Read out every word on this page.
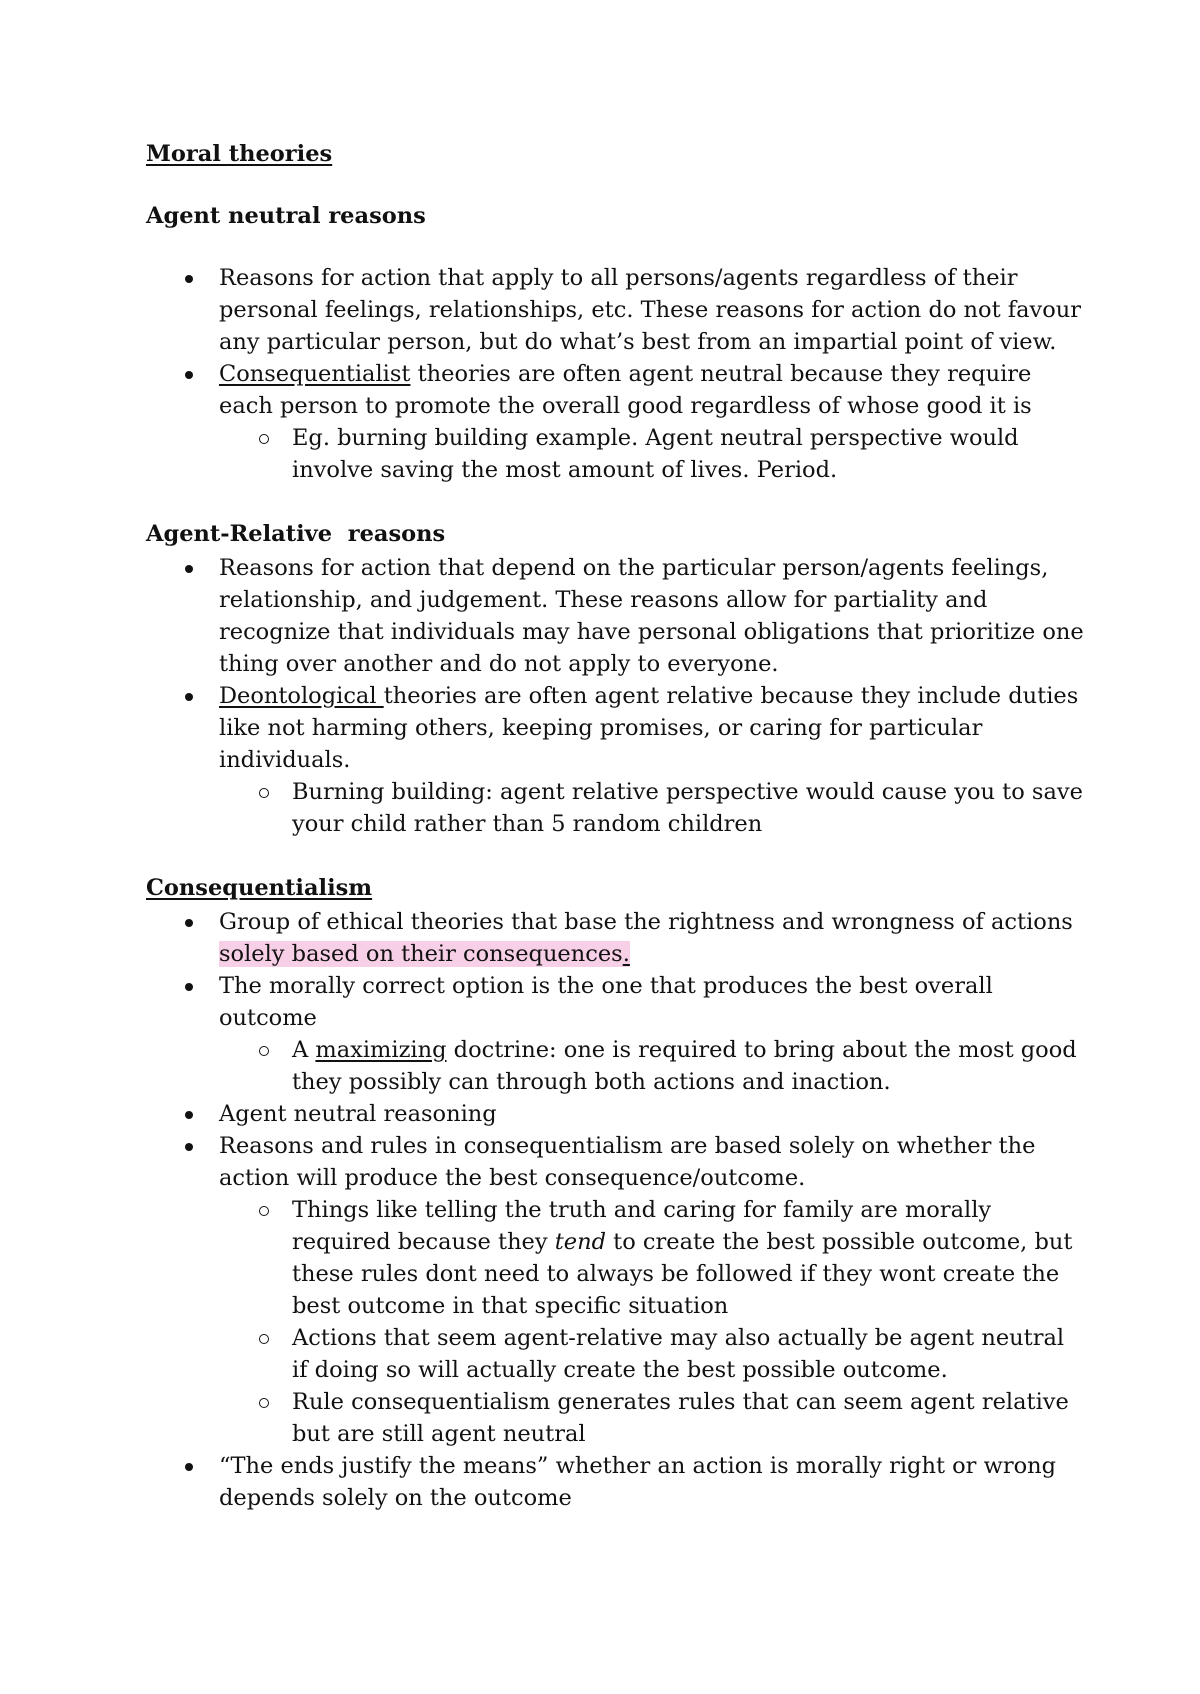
Moral theories

Agent neutral reasons

Reasons for action that apply to all persons/agents regardless of their personal feelings, relationships, etc. These reasons for action do not favour any particular person, but do what’s best from an impartial point of view.
Consequentialist theories are often agent neutral because they require each person to promote the overall good regardless of whose good it is
Eg. burning building example. Agent neutral perspective would involve saving the most amount of lives. Period.

Agent-Relative  reasons

Reasons for action that depend on the particular person/agents feelings, relationship, and judgement. These reasons allow for partiality and recognize that individuals may have personal obligations that prioritize one thing over another and do not apply to everyone.
Deontological theories are often agent relative because they include duties like not harming others, keeping promises, or caring for particular individuals.
Burning building: agent relative perspective would cause you to save your child rather than 5 random children

Consequentialism

Group of ethical theories that base the rightness and wrongness of actions solely based on their consequences.
The morally correct option is the one that produces the best overall outcome
A maximizing doctrine: one is required to bring about the most good they possibly can through both actions and inaction.
Agent neutral reasoning
Reasons and rules in consequentialism are based solely on whether the action will produce the best consequence/outcome.
Things like telling the truth and caring for family are morally required because they tend to create the best possible outcome, but these rules dont need to always be followed if they wont create the best outcome in that specific situation
Actions that seem agent-relative may also actually be agent neutral if doing so will actually create the best possible outcome.
Rule consequentialism generates rules that can seem agent relative but are still agent neutral
“The ends justify the means” whether an action is morally right or wrong depends solely on the outcome
